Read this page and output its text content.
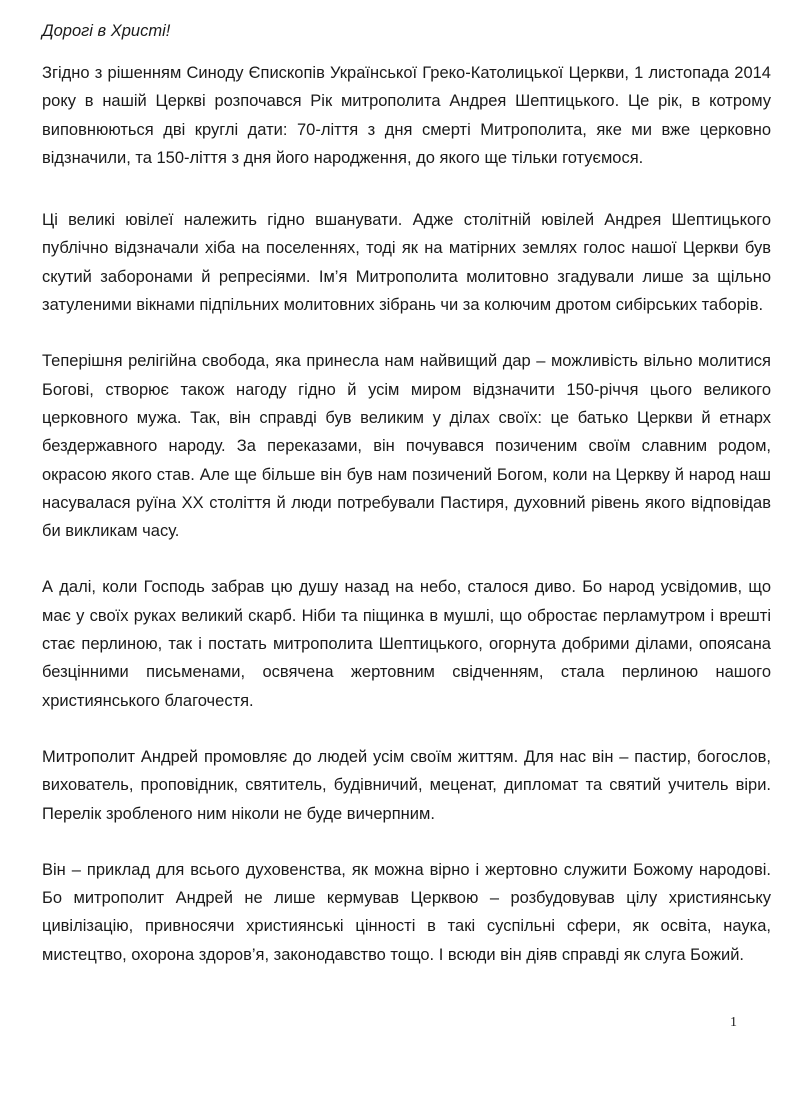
Дорогі в Христі!

Згідно з рішенням Синоду Єпископів Української Греко-Католицької Церкви, 1 листопада 2014 року в нашій Церкві розпочався Рік митрополита Андрея Шептицького. Це рік, в котрому виповнюються дві круглі дати: 70-ліття з дня смерті Митрополита, яке ми вже церковно відзначили, та 150-ліття з дня його народження, до якого ще тільки готуємося.

Ці великі ювілеї належить гідно вшанувати. Адже столітній ювілей Андрея Шептицького публічно відзначали хіба на поселеннях, тоді як на матірних землях голос нашої Церкви був скутий заборонами й репресіями. Ім’я Митрополита молитовно згадували лише за щільно затуленими вікнами підпільних молитовних зібрань чи за колючим дротом сибірських таборів.

Теперішня релігійна свобода, яка принесла нам найвищий дар – можливість вільно молитися Богові, створює також нагоду гідно й усім миром відзначити 150-річчя цього великого церковного мужа. Так, він справді був великим у ділах своїх: це батько Церкви й етнарх бездержавного народу. За переказами, він почувався позиченим своїм славним родом, окрасою якого став. Але ще більше він був нам позичений Богом, коли на Церкву й народ наш насувалася руїна ХХ століття й люди потребували Пастиря, духовний рівень якого відповідав би викликам часу.

А далі, коли Господь забрав цю душу назад на небо, сталося диво. Бо народ усвідомив, що має у своїх руках великий скарб. Ніби та піщинка в мушлі, що обростає перламутром і врешті стає перлиною, так і постать митрополита Шептицького, огорнута добрими ділами, опоясана безцінними письменами, освячена жертовним свідченням, стала перлиною нашого християнського благочестя.

Митрополит Андрей промовляє до людей усім своїм життям. Для нас він – пастир, богослов, вихователь, проповідник, святитель, будівничий, меценат, дипломат та святий учитель віри. Перелік зробленого ним ніколи не буде вичерпним.

Він – приклад для всього духовенства, як можна вірно і жертовно служити Божому народові. Бо митрополит Андрей не лише кермував Церквою – розбудовував цілу християнську цивілізацію, привносячи християнські цінності в такі суспільні сфери, як освіта, наука, мистецтво, охорона здоров’я, законодавство тощо. І всюди він діяв справді як слуга Божий.

1
